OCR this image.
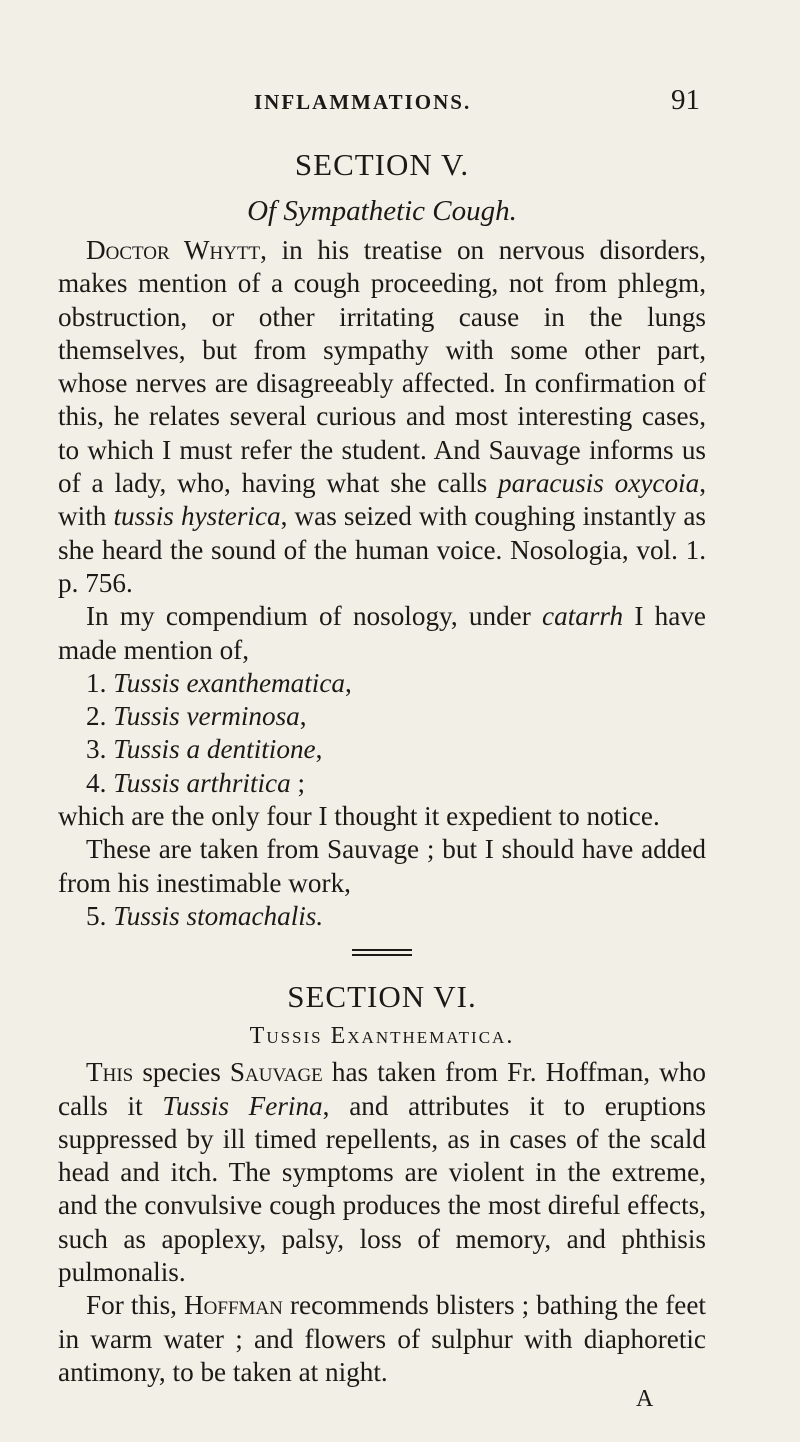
INFLAMMATIONS.	91
SECTION V.
Of Sympathetic Cough.

Doctor Whytt, in his treatise on nervous disorders, makes mention of a cough proceeding, not from phlegm, obstruction, or other irritating cause in the lungs themselves, but from sympathy with some other part, whose nerves are disagreeably affected. In confirmation of this, he relates several curious and most interesting cases, to which I must refer the student. And Sauvage informs us of a lady, who, having what she calls paracusis oxycoia, with tussis hysterica, was seized with coughing instantly as she heard the sound of the human voice. Nosologia, vol. 1. p. 756.

In my compendium of nosology, under catarrh I have made mention of,

1. Tussis exanthematica,
2. Tussis verminosa,
3. Tussis a dentitione,
4. Tussis arthritica ;

which are the only four I thought it expedient to notice.

These are taken from Sauvage ; but I should have added from his inestimable work,

5. Tussis stomachalis.
SECTION VI.
Tussis Exanthematica.

This species Sauvage has taken from Fr. Hoffman, who calls it Tussis Ferina, and attributes it to eruptions suppressed by ill timed repellents, as in cases of the scald head and itch. The symptoms are violent in the extreme, and the convulsive cough produces the most direful effects, such as apoplexy, palsy, loss of memory, and phthisis pulmonalis.

For this, Hoffman recommends blisters ; bathing the feet in warm water ; and flowers of sulphur with diaphoretic antimony, to be taken at night.

A
